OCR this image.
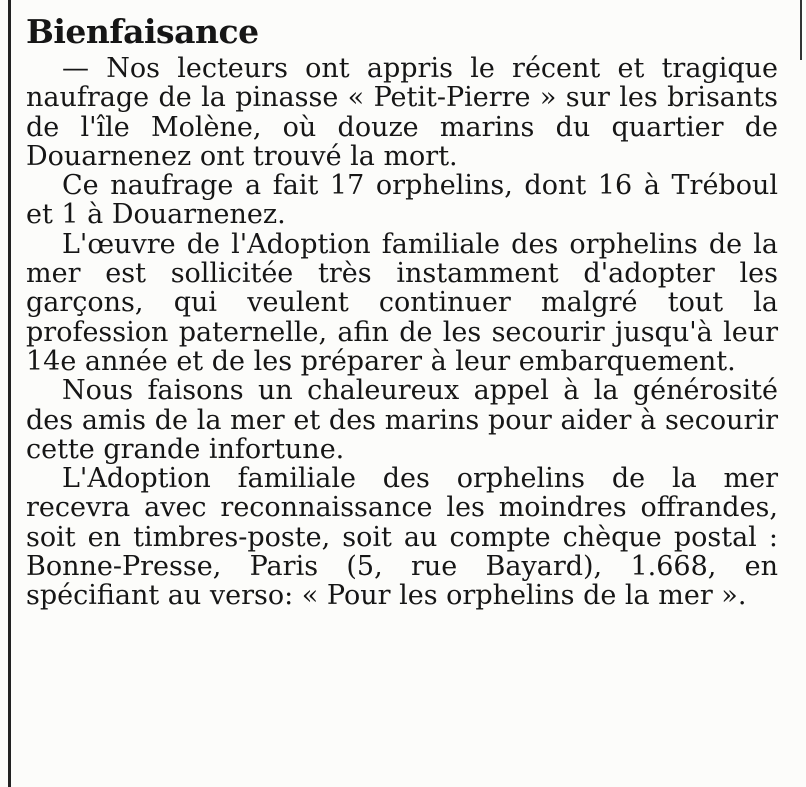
Bienfaisance

— Nos lecteurs ont appris le récent et tragique naufrage de la pinasse « Petit-Pierre » sur les brisants de l'île Molène, où douze marins du quartier de Douarnenez ont trouvé la mort.

Ce naufrage a fait 17 orphelins, dont 16 à Tréboul et 1 à Douarnenez.

L'œuvre de l'Adoption familiale des orphelins de la mer est sollicitée très instamment d'adopter les garçons, qui veulent continuer malgré tout la profession paternelle, afin de les secourir jusqu'à leur 14e année et de les préparer à leur embarquement.

Nous faisons un chaleureux appel à la générosité des amis de la mer et des marins pour aider à secourir cette grande infortune.

L'Adoption familiale des orphelins de la mer recevra avec reconnaissance les moindres offrandes, soit en timbres-poste, soit au compte chèque postal : Bonne-Presse, Paris (5, rue Bayard), 1.668, en spécifiant au verso: « Pour les orphelins de la mer ».
